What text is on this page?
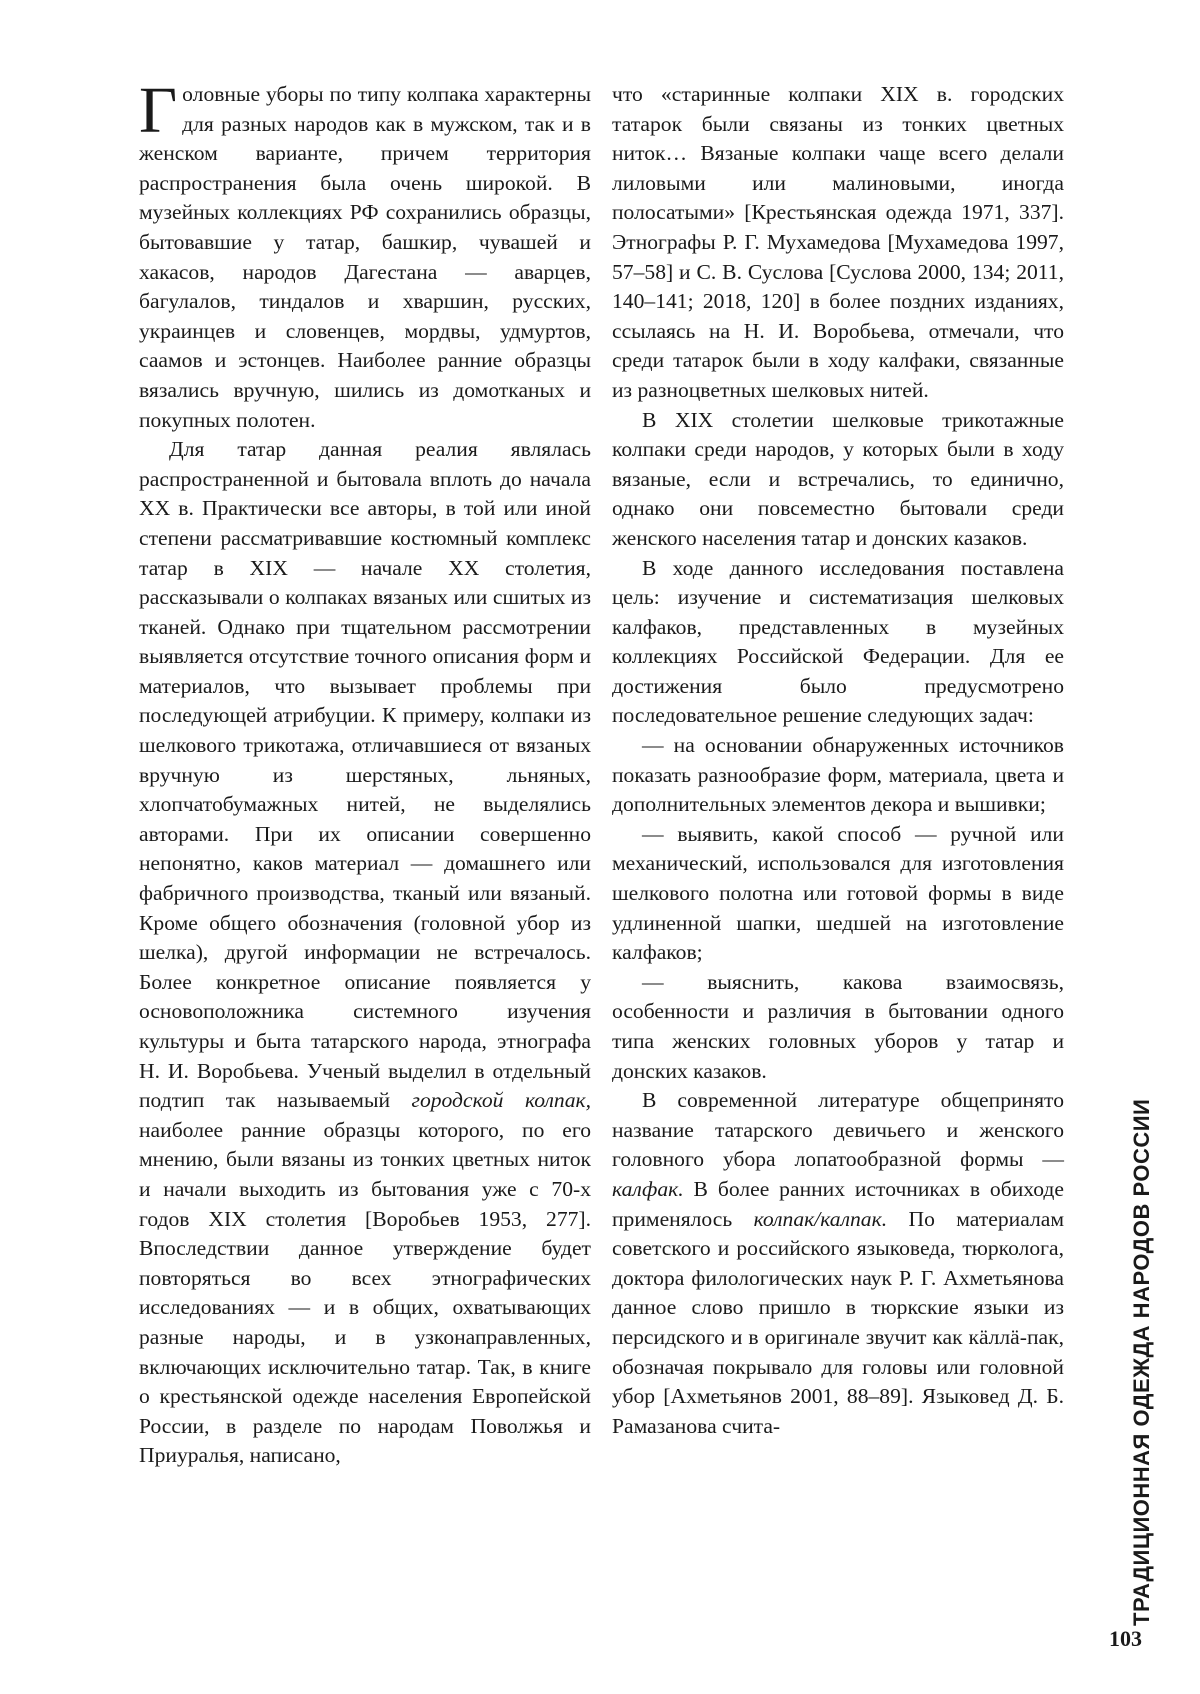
Головные уборы по типу колпака характерны для разных народов как в мужском, так и в женском варианте, причем территория распространения была очень широкой. В музейных коллекциях РФ сохранились образцы, бытовавшие у татар, башкир, чувашей и хакасов, народов Дагестана — аварцев, багулалов, тиндалов и хваршин, русских, украинцев и словенцев, мордвы, удмуртов, саамов и эстонцев. Наиболее ранние образцы вязались вручную, шились из домотканых и покупных полотен.

Для татар данная реалия являлась распространенной и бытовала вплоть до начала XX в. Практически все авторы, в той или иной степени рассматривавшие костюмный комплекс татар в XIX — начале XX столетия, рассказывали о колпаках вязаных или сшитых из тканей. Однако при тщательном рассмотрении выявляется отсутствие точного описания форм и материалов, что вызывает проблемы при последующей атрибуции. К примеру, колпаки из шелкового трикотажа, отличавшиеся от вязаных вручную из шерстяных, льняных, хлопчатобумажных нитей, не выделялись авторами. При их описании совершенно непонятно, каков материал — домашнего или фабричного производства, тканый или вязаный. Кроме общего обозначения (головной убор из шелка), другой информации не встречалось. Более конкретное описание появляется у основоположника системного изучения культуры и быта татарского народа, этнографа Н. И. Воробьева. Ученый выделил в отдельный подтип так называемый городской колпак, наиболее ранние образцы которого, по его мнению, были вязаны из тонких цветных ниток и начали выходить из бытования уже с 70-х годов XIX столетия [Воробьев 1953, 277]. Впоследствии данное утверждение будет повторяться во всех этнографических исследованиях — и в общих, охватывающих разные народы, и в узконаправленных, включающих исключительно татар. Так, в книге о крестьянской одежде населения Европейской России, в разделе по народам Поволжья и Приуралья, написано,

что «старинные колпаки XIX в. городских татарок были связаны из тонких цветных ниток… Вязаные колпаки чаще всего делали лиловыми или малиновыми, иногда полосатыми» [Крестьянская одежда 1971, 337]. Этнографы Р. Г. Мухамедова [Мухамедова 1997, 57–58] и С. В. Суслова [Суслова 2000, 134; 2011, 140–141; 2018, 120] в более поздних изданиях, ссылаясь на Н. И. Воробьева, отмечали, что среди татарок были в ходу калфаки, связанные из разноцветных шелковых нитей.

В XIX столетии шелковые трикотажные колпаки среди народов, у которых были в ходу вязаные, если и встречались, то единично, однако они повсеместно бытовали среди женского населения татар и донских казаков.

В ходе данного исследования поставлена цель: изучение и систематизация шелковых калфаков, представленных в музейных коллекциях Российской Федерации. Для ее достижения было предусмотрено последовательное решение следующих задач:

— на основании обнаруженных источников показать разнообразие форм, материала, цвета и дополнительных элементов декора и вышивки;

— выявить, какой способ — ручной или механический, использовался для изготовления шелкового полотна или готовой формы в виде удлиненной шапки, шедшей на изготовление калфаков;

— выяснить, какова взаимосвязь, особенности и различия в бытовании одного типа женских головных уборов у татар и донских казаков.

В современной литературе общепринято название татарского девичьего и женского головного убора лопатообразной формы — калфак. В более ранних источниках в обиходе применялось колпак/калпак. По материалам советского и российского языковеда, тюрколога, доктора филологических наук Р. Г. Ахметьянова данное слово пришло в тюркские языки из персидского и в оригинале звучит как кӓллӓ-пак, обозначая покрывало для головы или головной убор [Ахметьянов 2001, 88–89]. Языковед Д. Б. Рамазанова счита-	ТРАДИЦИОННАЯ ОДЕЖДА НАРОДОВ РОССИИ
103
